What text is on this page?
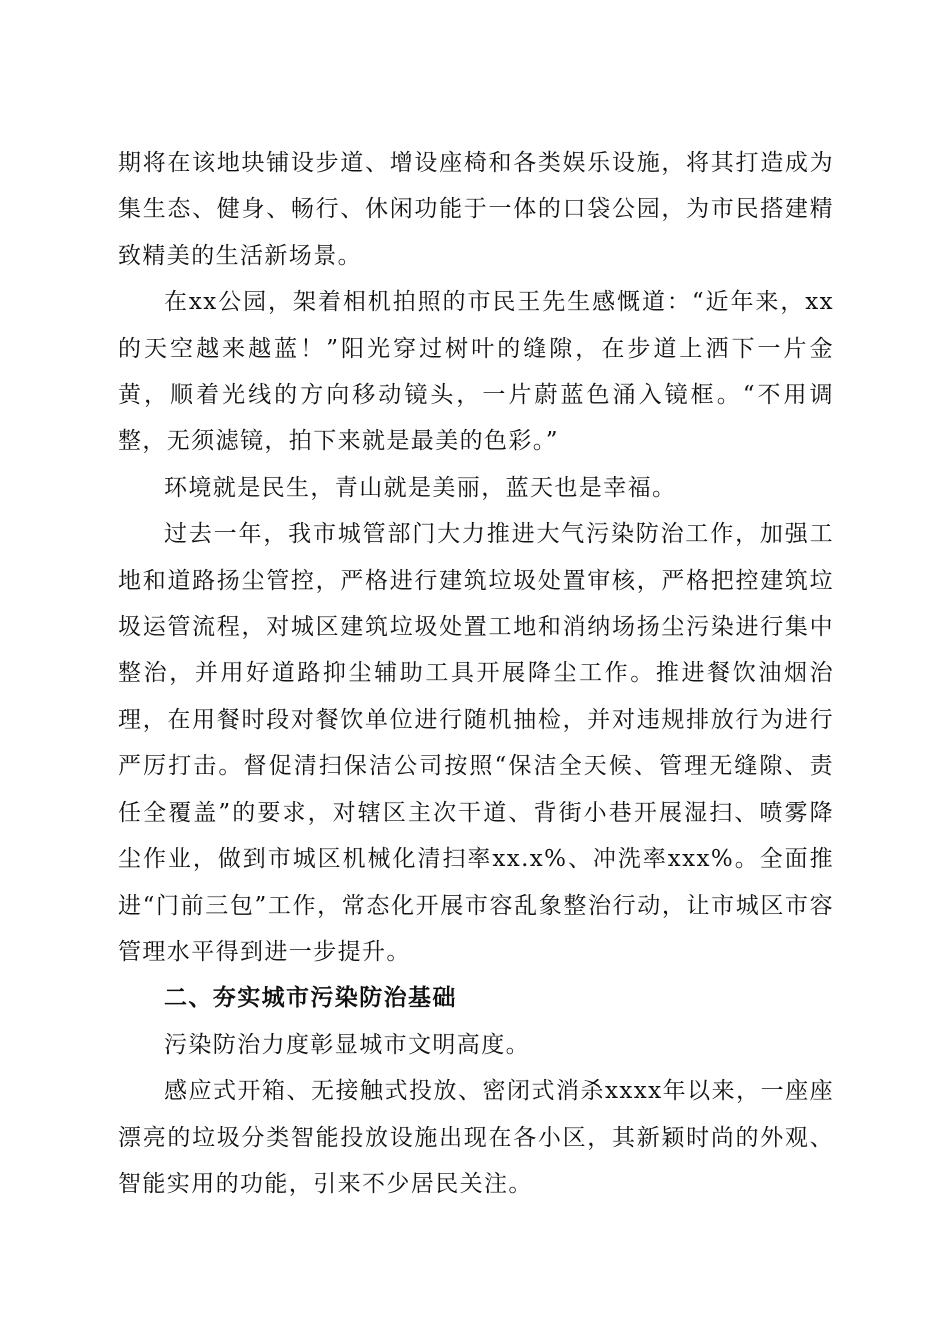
期将在该地块铺设步道、增设座椅和各类娱乐设施，将其打造成为集生态、健身、畅行、休闲功能于一体的口袋公园，为市民搭建精致精美的生活新场景。

在xx公园，架着相机拍照的市民王先生感慨道：“近年来，xx的天空越来越蓝！”阳光穿过树叶的缝隙，在步道上洒下一片金黄，顺着光线的方向移动镜头，一片蔚蓝色涌入镜框。“不用调整，无须滤镜，拍下来就是最美的色彩。”

环境就是民生，青山就是美丽，蓝天也是幸福。

过去一年，我市城管部门大力推进大气污染防治工作，加强工地和道路扬尘管控，严格进行建筑垃圾处置审核，严格把控建筑垃圾运管流程，对城区建筑垃圾处置工地和消纳场扬尘污染进行集中整治，并用好道路抑尘辅助工具开展降尘工作。推进餐饮油烟治理，在用餐时段对餐饮单位进行随机抽检，并对违规排放行为进行严厉打击。督促清扫保洁公司按照“保洁全天候、管理无缝隙、责任全覆盖”的要求，对辖区主次干道、背街小巷开展湿扫、喷雾降尘作业，做到市城区机械化清扫率xx.x%、冲洗率xxx%。全面推进“门前三包”工作，常态化开展市容乱象整治行动，让市城区市容管理水平得到进一步提升。

二、夯实城市污染防治基础

污染防治力度彰显城市文明高度。

感应式开箱、无接触式投放、密闭式消杀xxxx年以来，一座座漂亮的垃圾分类智能投放设施出现在各小区，其新颖时尚的外观、智能实用的功能，引来不少居民关注。
